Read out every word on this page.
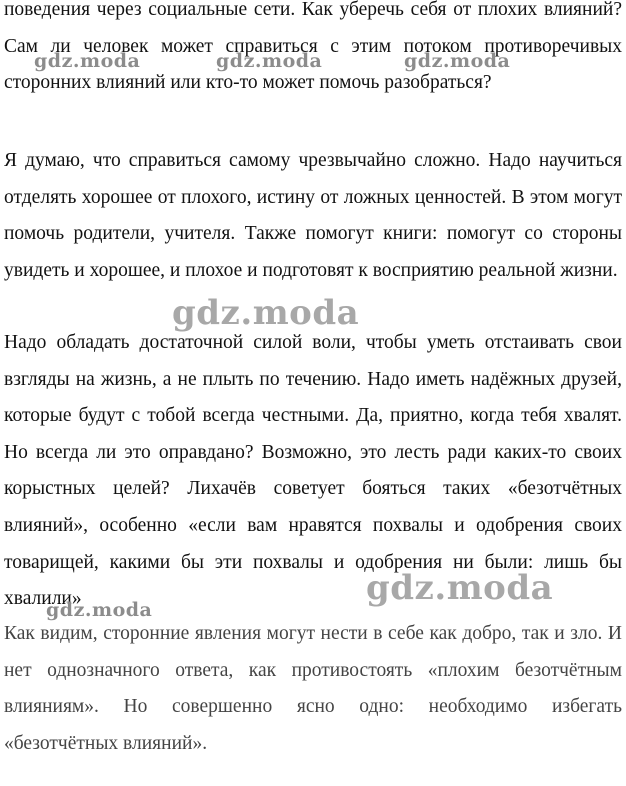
поведения через социальные сети. Как уберечь себя от плохих влияний? Сам ли человек может справиться с этим потоком противоречивых сторонних влияний или кто-то может помочь разобраться?

Я думаю, что справиться самому чрезвычайно сложно. Надо научиться отделять хорошее от плохого, истину от ложных ценностей. В этом могут помочь родители, учителя. Также помогут книги: помогут со стороны увидеть и хорошее, и плохое и подготовят к восприятию реальной жизни.

Надо обладать достаточной силой воли, чтобы уметь отстаивать свои взгляды на жизнь, а не плыть по течению. Надо иметь надёжных друзей, которые будут с тобой всегда честными. Да, приятно, когда тебя хвалят. Но всегда ли это оправдано? Возможно, это лесть ради каких-то своих корыстных целей? Лихачёв советует бояться таких «безотчётных влияний», особенно «если вам нравятся похвалы и одобрения своих товарищей, какими бы эти похвалы и одобрения ни были: лишь бы хвалили»

Как видим, сторонние явления могут нести в себе как добро, так и зло. И нет однозначного ответа, как противостоять «плохим безотчётным влияниям». Но совершенно ясно одно: необходимо избегать «безотчётных влияний».

gdz.moda	gdz.moda	gdz.moda
gdz.moda
gdz.moda
gdz.moda
